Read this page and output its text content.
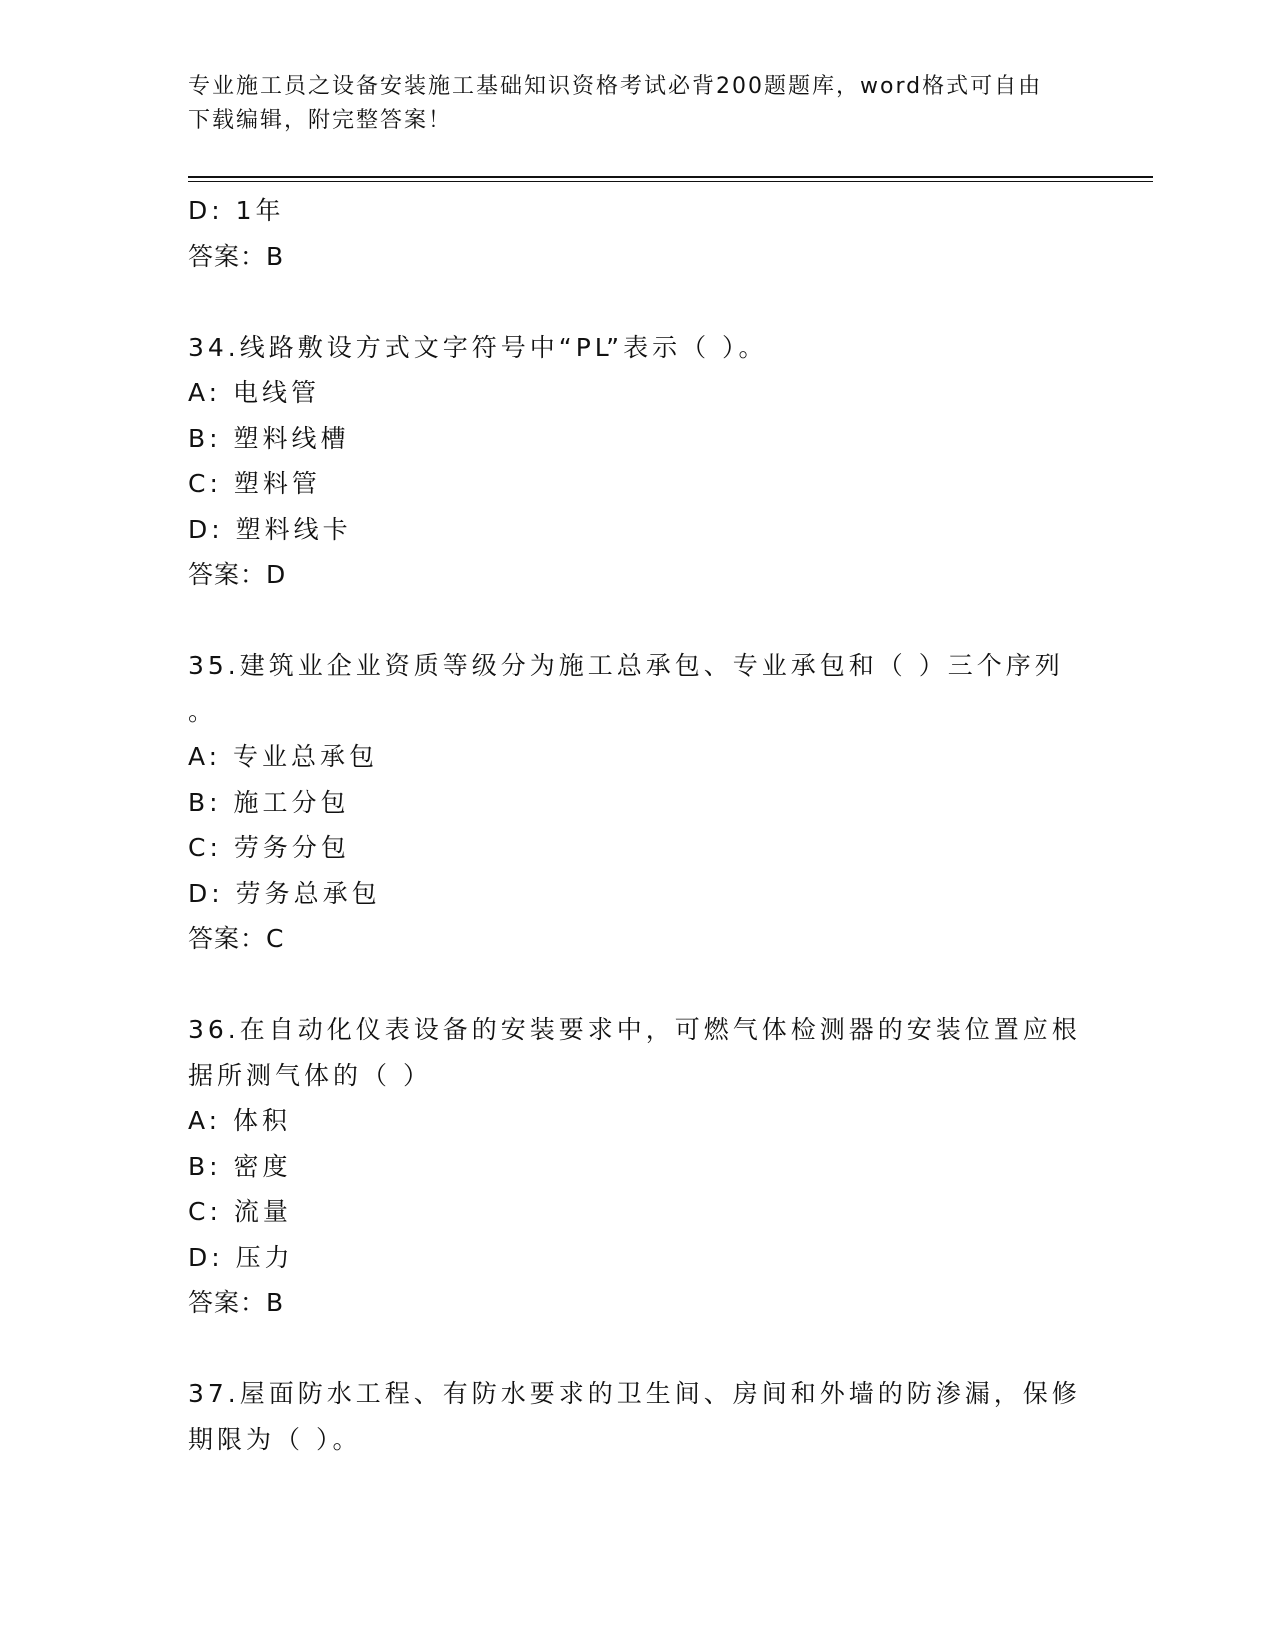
专业施工员之设备安装施工基础知识资格考试必背200题题库，word格式可自由
下载编辑，附完整答案！
D: 1年
答案：B
34.线路敷设方式文字符号中“PL”表示（ ）。
A: 电线管
B: 塑料线槽
C: 塑料管
D: 塑料线卡
答案：D
35.建筑业企业资质等级分为施工总承包、专业承包和（ ）三个序列
。
A: 专业总承包
B: 施工分包
C: 劳务分包
D: 劳务总承包
答案：C
36.在自动化仪表设备的安装要求中，可燃气体检测器的安装位置应根
据所测气体的（ ）
A: 体积
B: 密度
C: 流量
D: 压力
答案：B
37.屋面防水工程、有防水要求的卫生间、房间和外墙的防渗漏，保修
期限为（ ）。
